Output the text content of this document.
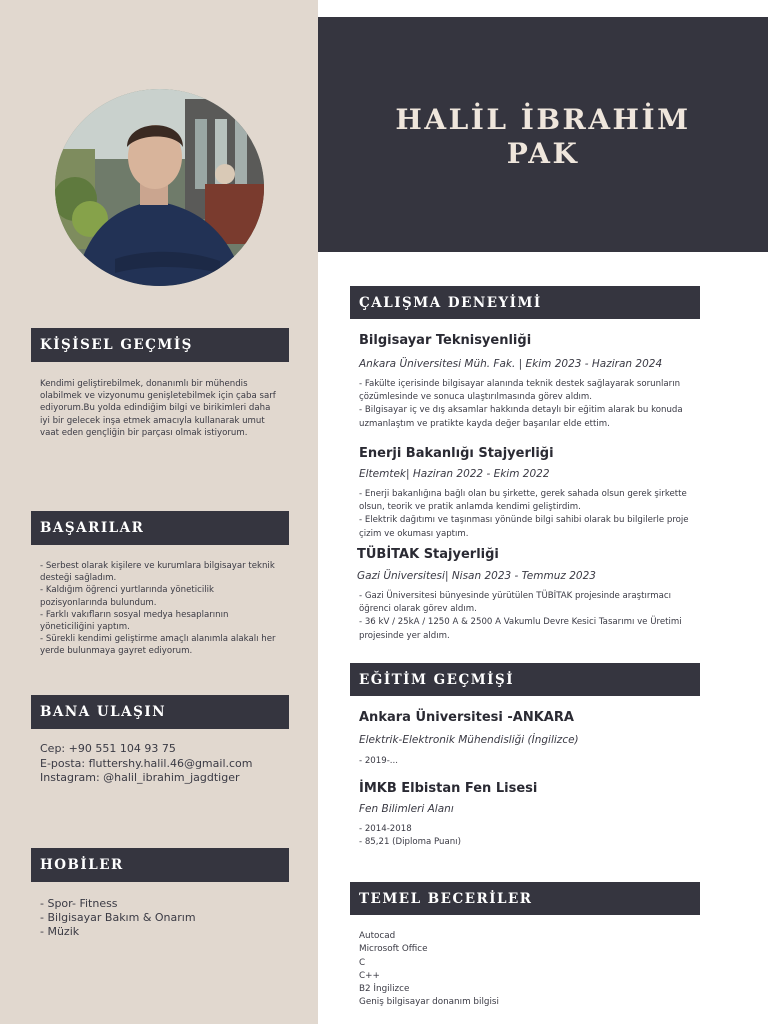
KİŞİSEL GEÇMİŞ

Kendimi geliştirebilmek, donanımlı bir mühendis olabilmek ve vizyonumu genişletebilmek için çaba sarf ediyorum.Bu yolda edindiğim bilgi ve birikimleri daha iyi bir gelecek inşa etmek amacıyla kullanarak umut vaat eden gençliğin bir parçası olmak istiyorum.

BAŞARILAR

- Serbest olarak kişilere ve kurumlara bilgisayar teknik desteği sağladım.

- Kaldığım öğrenci yurtlarında yöneticilik pozisyonlarında bulundum.

- Farklı vakıfların sosyal medya hesaplarının yöneticiliğini yaptım.

- Sürekli kendimi geliştirme amaçlı alanımla alakalı her yerde bulunmaya gayret ediyorum.

BANA ULAŞIN
Cep: +90 551 104 93 75
E-posta: fluttershy.halil.46@gmail.com
Instagram: @halil_ibrahim_jagdtiger
HOBİLER
- Spor- Fitness
- Bilgisayar Bakım & Onarım
- Müzik
HALİL İBRAHİM
PAK
ÇALIŞMA DENEYİMİ
Bilgisayar Teknisyenliği
Ankara Üniversitesi Müh. Fak. | Ekim 2023 - Haziran 2024

- Fakülte içerisinde bilgisayar alanında teknik destek sağlayarak sorunların çözümlesinde ve sonuca ulaştırılmasında görev aldım.

- Bilgisayar iç ve dış aksamlar hakkında detaylı bir eğitim alarak bu konuda uzmanlaştım ve pratikte kayda değer başarılar elde ettim.

Enerji Bakanlığı Stajyerliği
Eltemtek| Haziran 2022 - Ekim 2022

- Enerji bakanlığına bağlı olan bu şirkette, gerek sahada olsun gerek şirkette olsun, teorik ve pratik anlamda kendimi geliştirdim.

- Elektrik dağıtımı ve taşınması yönünde bilgi sahibi olarak bu bilgilerle proje çizim ve okuması yaptım.

TÜBİTAK Stajyerliği
Gazi Üniversitesi| Nisan 2023 - Temmuz 2023

- Gazi Üniversitesi bünyesinde yürütülen TÜBİTAK projesinde araştırmacı öğrenci olarak görev aldım.

- 36 kV / 25kA / 1250 A & 2500 A Vakumlu Devre Kesici Tasarımı ve Üretimi projesinde yer aldım.

EĞİTİM GEÇMİŞİ
Ankara Üniversitesi -ANKARA
Elektrik-Elektronik Mühendisliği (İngilizce)

- 2019-...

İMKB Elbistan Fen Lisesi
Fen Bilimleri Alanı

- 2014-2018

- 85,21 (Diploma Puanı)

TEMEL BECERİLER
Autocad
Microsoft Office
C
C++
B2 İngilizce
Geniş bilgisayar donanım bilgisi
